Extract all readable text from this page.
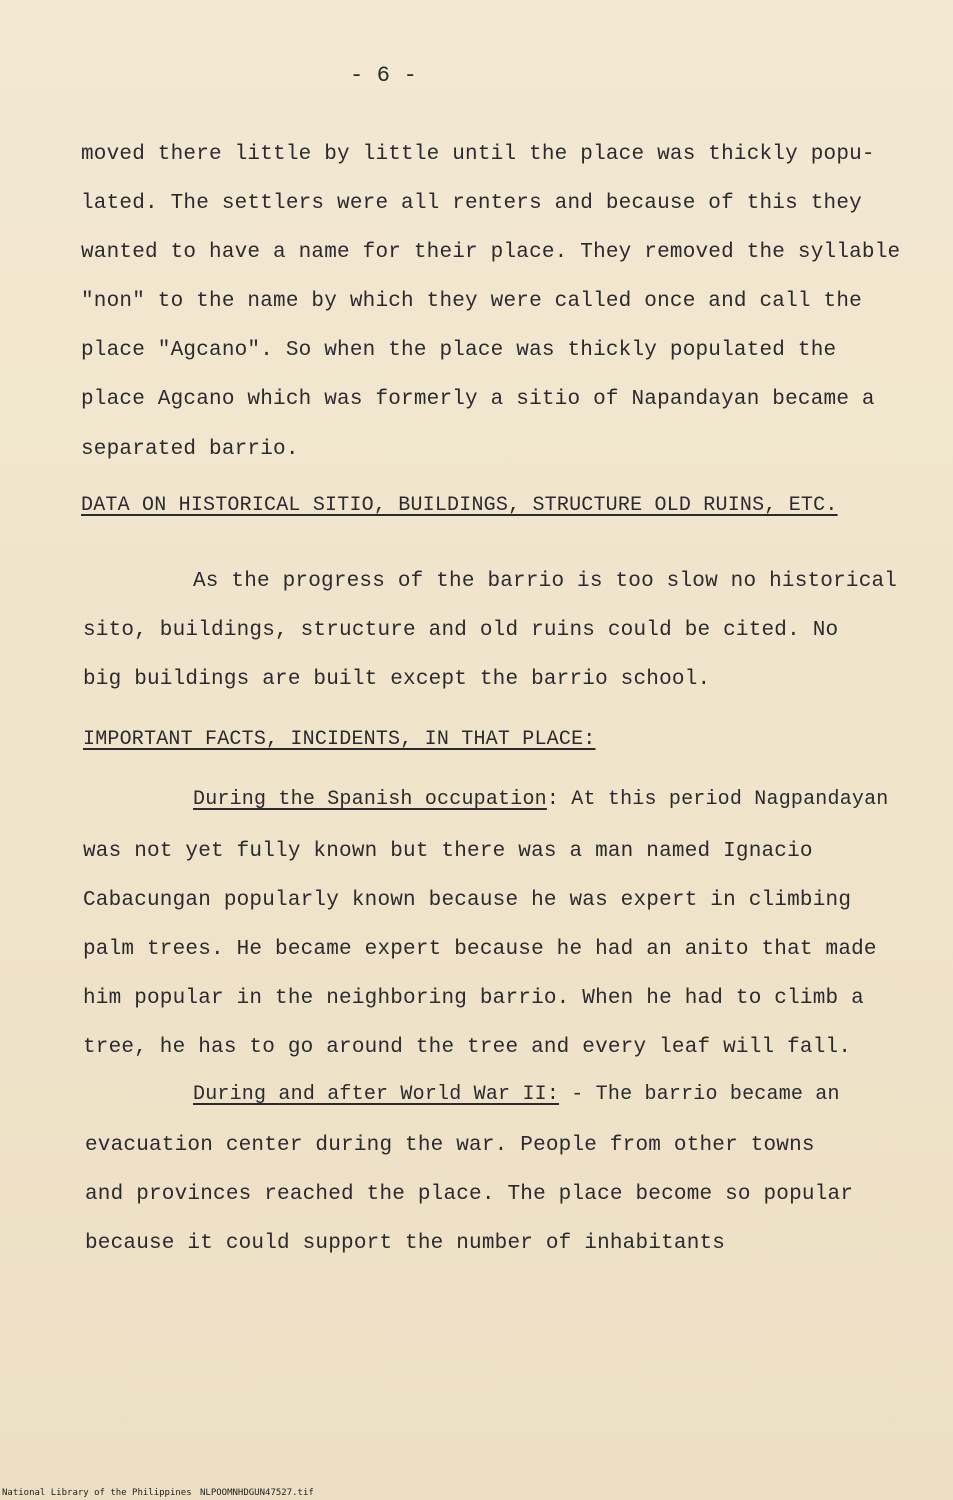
- 6 -
moved there little by little until the place was thickly popu-
lated. The settlers were all renters and because of this they
wanted to have a name for their place. They removed the syllable
"non" to the name by which they were called once and call the
place "Agcano". So when the place was thickly populated the
place Agcano which was formerly a sitio of Napandayan became a
separated barrio.
DATA ON HISTORICAL SITIO, BUILDINGS, STRUCTURE OLD RUINS, ETC.
As the progress of the barrio is too slow no historical
sito, buildings, structure and old ruins could be cited. No
big buildings are built except the barrio school.
IMPORTANT FACTS, INCIDENTS, IN THAT PLACE:
During the Spanish occupation: At this period Nagpandayan
was not yet fully known but there was a man named Ignacio
Cabacungan popularly known because he was expert in climbing
palm trees. He became expert because he had an anito that made
him popular in the neighboring barrio. When he had to climb a
tree, he has to go around the tree and every leaf will fall.
During and after World War II: - The barrio became an
evacuation center during the war. People from other towns
and provinces reached the place. The place become so popular
because it could support the number of inhabitants
National Library of the Philippines NLPOOMNHDGUN47527.tif
